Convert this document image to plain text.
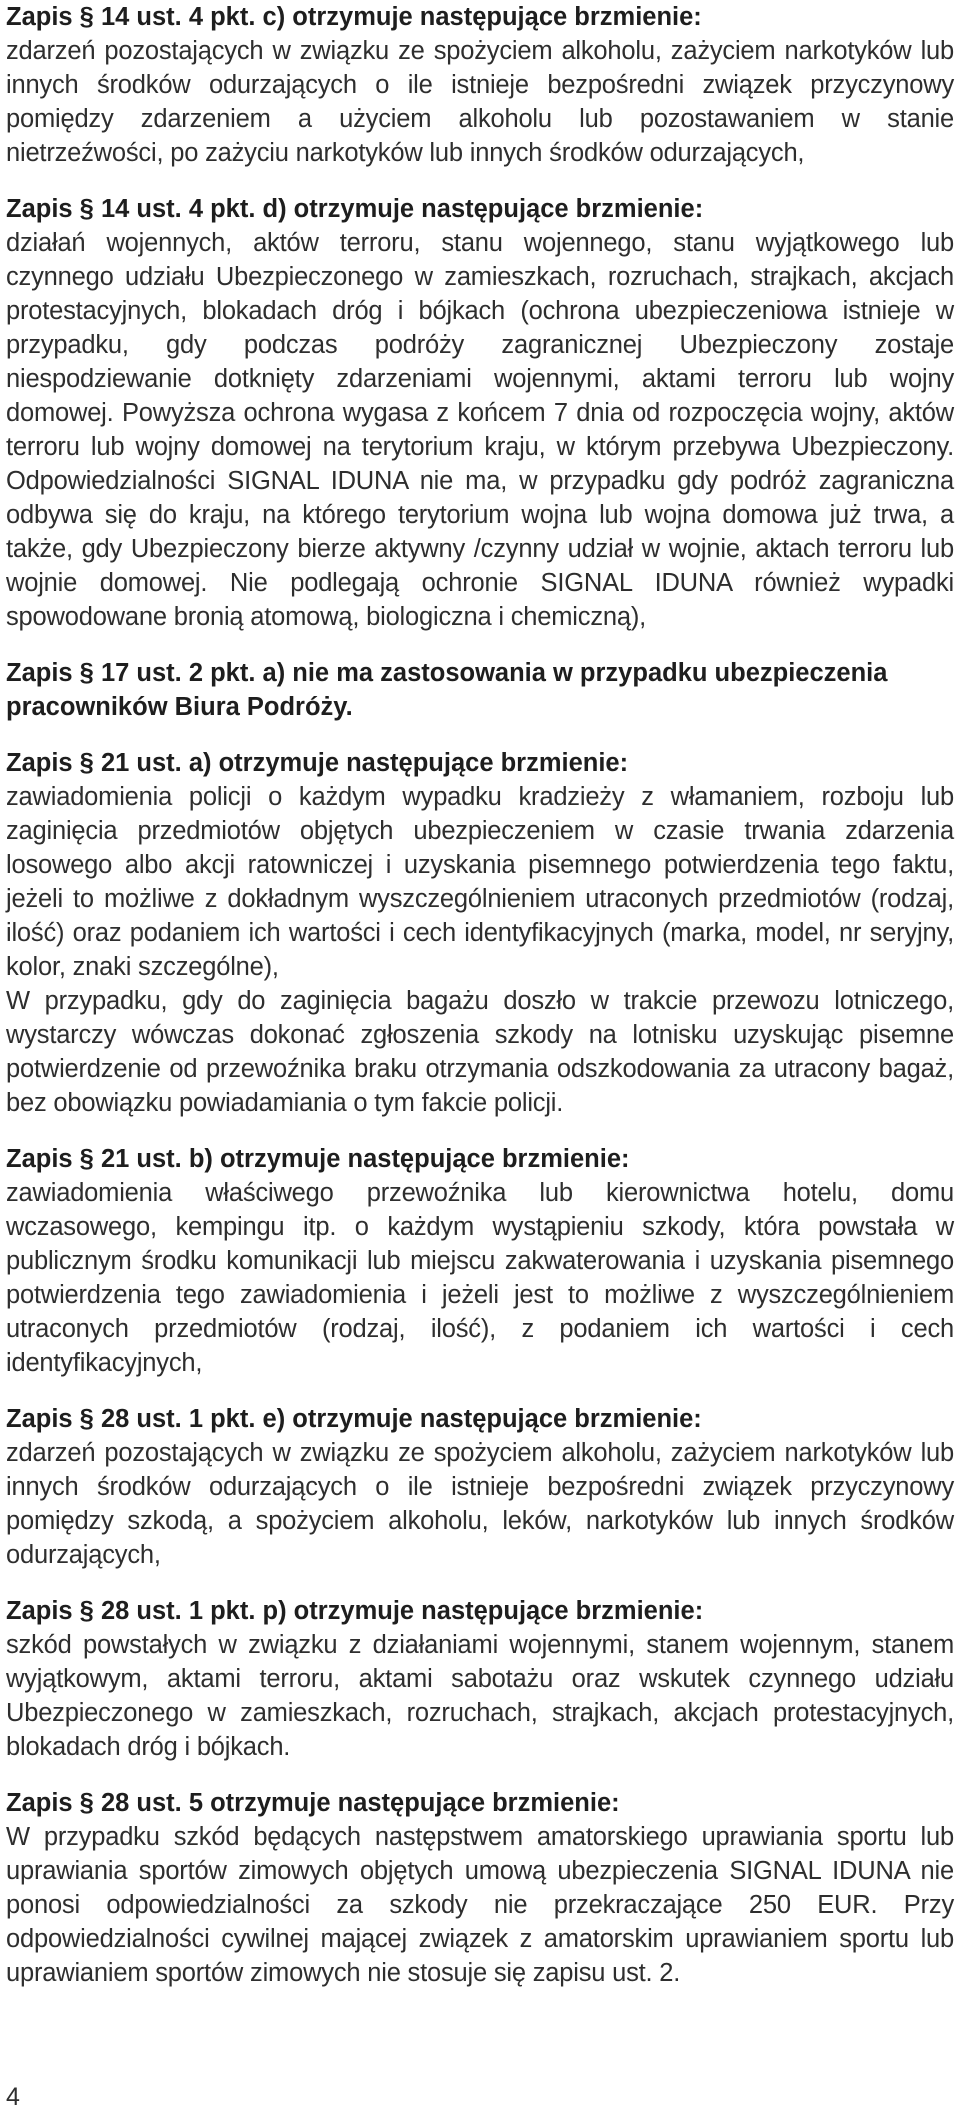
Zapis § 14 ust. 4 pkt. c) otrzymuje następujące brzmienie:

zdarzeń pozostających w związku ze spożyciem alkoholu, zażyciem narkotyków lub innych środków odurzających o ile istnieje bezpośredni związek przyczynowy pomiędzy zdarzeniem a użyciem alkoholu lub pozostawaniem w stanie nietrzeźwości, po zażyciu narkotyków lub innych środków odurzających,

Zapis § 14 ust. 4 pkt. d) otrzymuje następujące brzmienie:

działań wojennych, aktów terroru, stanu wojennego, stanu wyjątkowego lub czynnego udziału Ubezpieczonego w zamieszkach, rozruchach, strajkach, akcjach protestacyjnych, blokadach dróg i bójkach (ochrona ubezpieczeniowa istnieje w przypadku, gdy podczas podróży zagranicznej Ubezpieczony zostaje niespodziewanie dotknięty zdarzeniami wojennymi, aktami terroru lub wojny domowej. Powyższa ochrona wygasa z końcem 7 dnia od rozpoczęcia wojny, aktów terroru lub wojny domowej na terytorium kraju, w którym przebywa Ubezpieczony. Odpowiedzialności SIGNAL IDUNA nie ma, w przypadku gdy podróż zagraniczna odbywa się do kraju, na którego terytorium wojna lub wojna domowa już trwa, a także, gdy Ubezpieczony bierze aktywny /czynny udział w wojnie, aktach terroru lub wojnie domowej. Nie podlegają ochronie SIGNAL IDUNA również wypadki spowodowane bronią atomową, biologiczna i chemiczną),

Zapis § 17 ust. 2 pkt. a) nie ma zastosowania w przypadku ubezpieczenia pracowników Biura Podróży.

Zapis § 21 ust. a) otrzymuje następujące brzmienie:

zawiadomienia policji o każdym wypadku kradzieży z włamaniem, rozboju lub zaginięcia przedmiotów objętych ubezpieczeniem w czasie trwania zdarzenia losowego albo akcji ratowniczej i uzyskania pisemnego potwierdzenia tego faktu, jeżeli to możliwe z dokładnym wyszczególnieniem utraconych przedmiotów (rodzaj, ilość) oraz podaniem ich wartości i cech identyfikacyjnych (marka, model, nr seryjny, kolor, znaki szczególne),

W przypadku, gdy do zaginięcia bagażu doszło w trakcie przewozu lotniczego, wystarczy wówczas dokonać zgłoszenia szkody na lotnisku uzyskując pisemne potwierdzenie od przewoźnika braku otrzymania odszkodowania za utracony bagaż, bez obowiązku powiadamiania o tym fakcie policji.

Zapis § 21 ust. b) otrzymuje następujące brzmienie:

zawiadomienia właściwego przewoźnika lub kierownictwa hotelu, domu wczasowego, kempingu itp. o każdym wystąpieniu szkody, która powstała w publicznym środku komunikacji lub miejscu zakwaterowania i uzyskania pisemnego potwierdzenia tego zawiadomienia i jeżeli jest to możliwe z wyszczególnieniem utraconych przedmiotów (rodzaj, ilość), z podaniem ich wartości i cech identyfikacyjnych,

Zapis § 28 ust. 1 pkt. e) otrzymuje następujące brzmienie:

zdarzeń pozostających w związku ze spożyciem alkoholu, zażyciem narkotyków lub innych środków odurzających o ile istnieje bezpośredni związek przyczynowy pomiędzy szkodą, a spożyciem alkoholu, leków, narkotyków lub innych środków odurzających,

Zapis § 28 ust. 1 pkt. p) otrzymuje następujące brzmienie:

szkód powstałych w związku z działaniami wojennymi, stanem wojennym, stanem wyjątkowym, aktami terroru, aktami sabotażu oraz wskutek czynnego udziału Ubezpieczonego w zamieszkach, rozruchach, strajkach, akcjach protestacyjnych, blokadach dróg i bójkach.

Zapis § 28 ust. 5 otrzymuje następujące brzmienie:

W przypadku szkód będących następstwem amatorskiego uprawiania sportu lub uprawiania sportów zimowych objętych umową ubezpieczenia SIGNAL IDUNA nie ponosi odpowiedzialności za szkody nie przekraczające 250 EUR. Przy odpowiedzialności cywilnej mającej związek z amatorskim uprawianiem sportu lub uprawianiem sportów zimowych nie stosuje się zapisu ust. 2.

4
